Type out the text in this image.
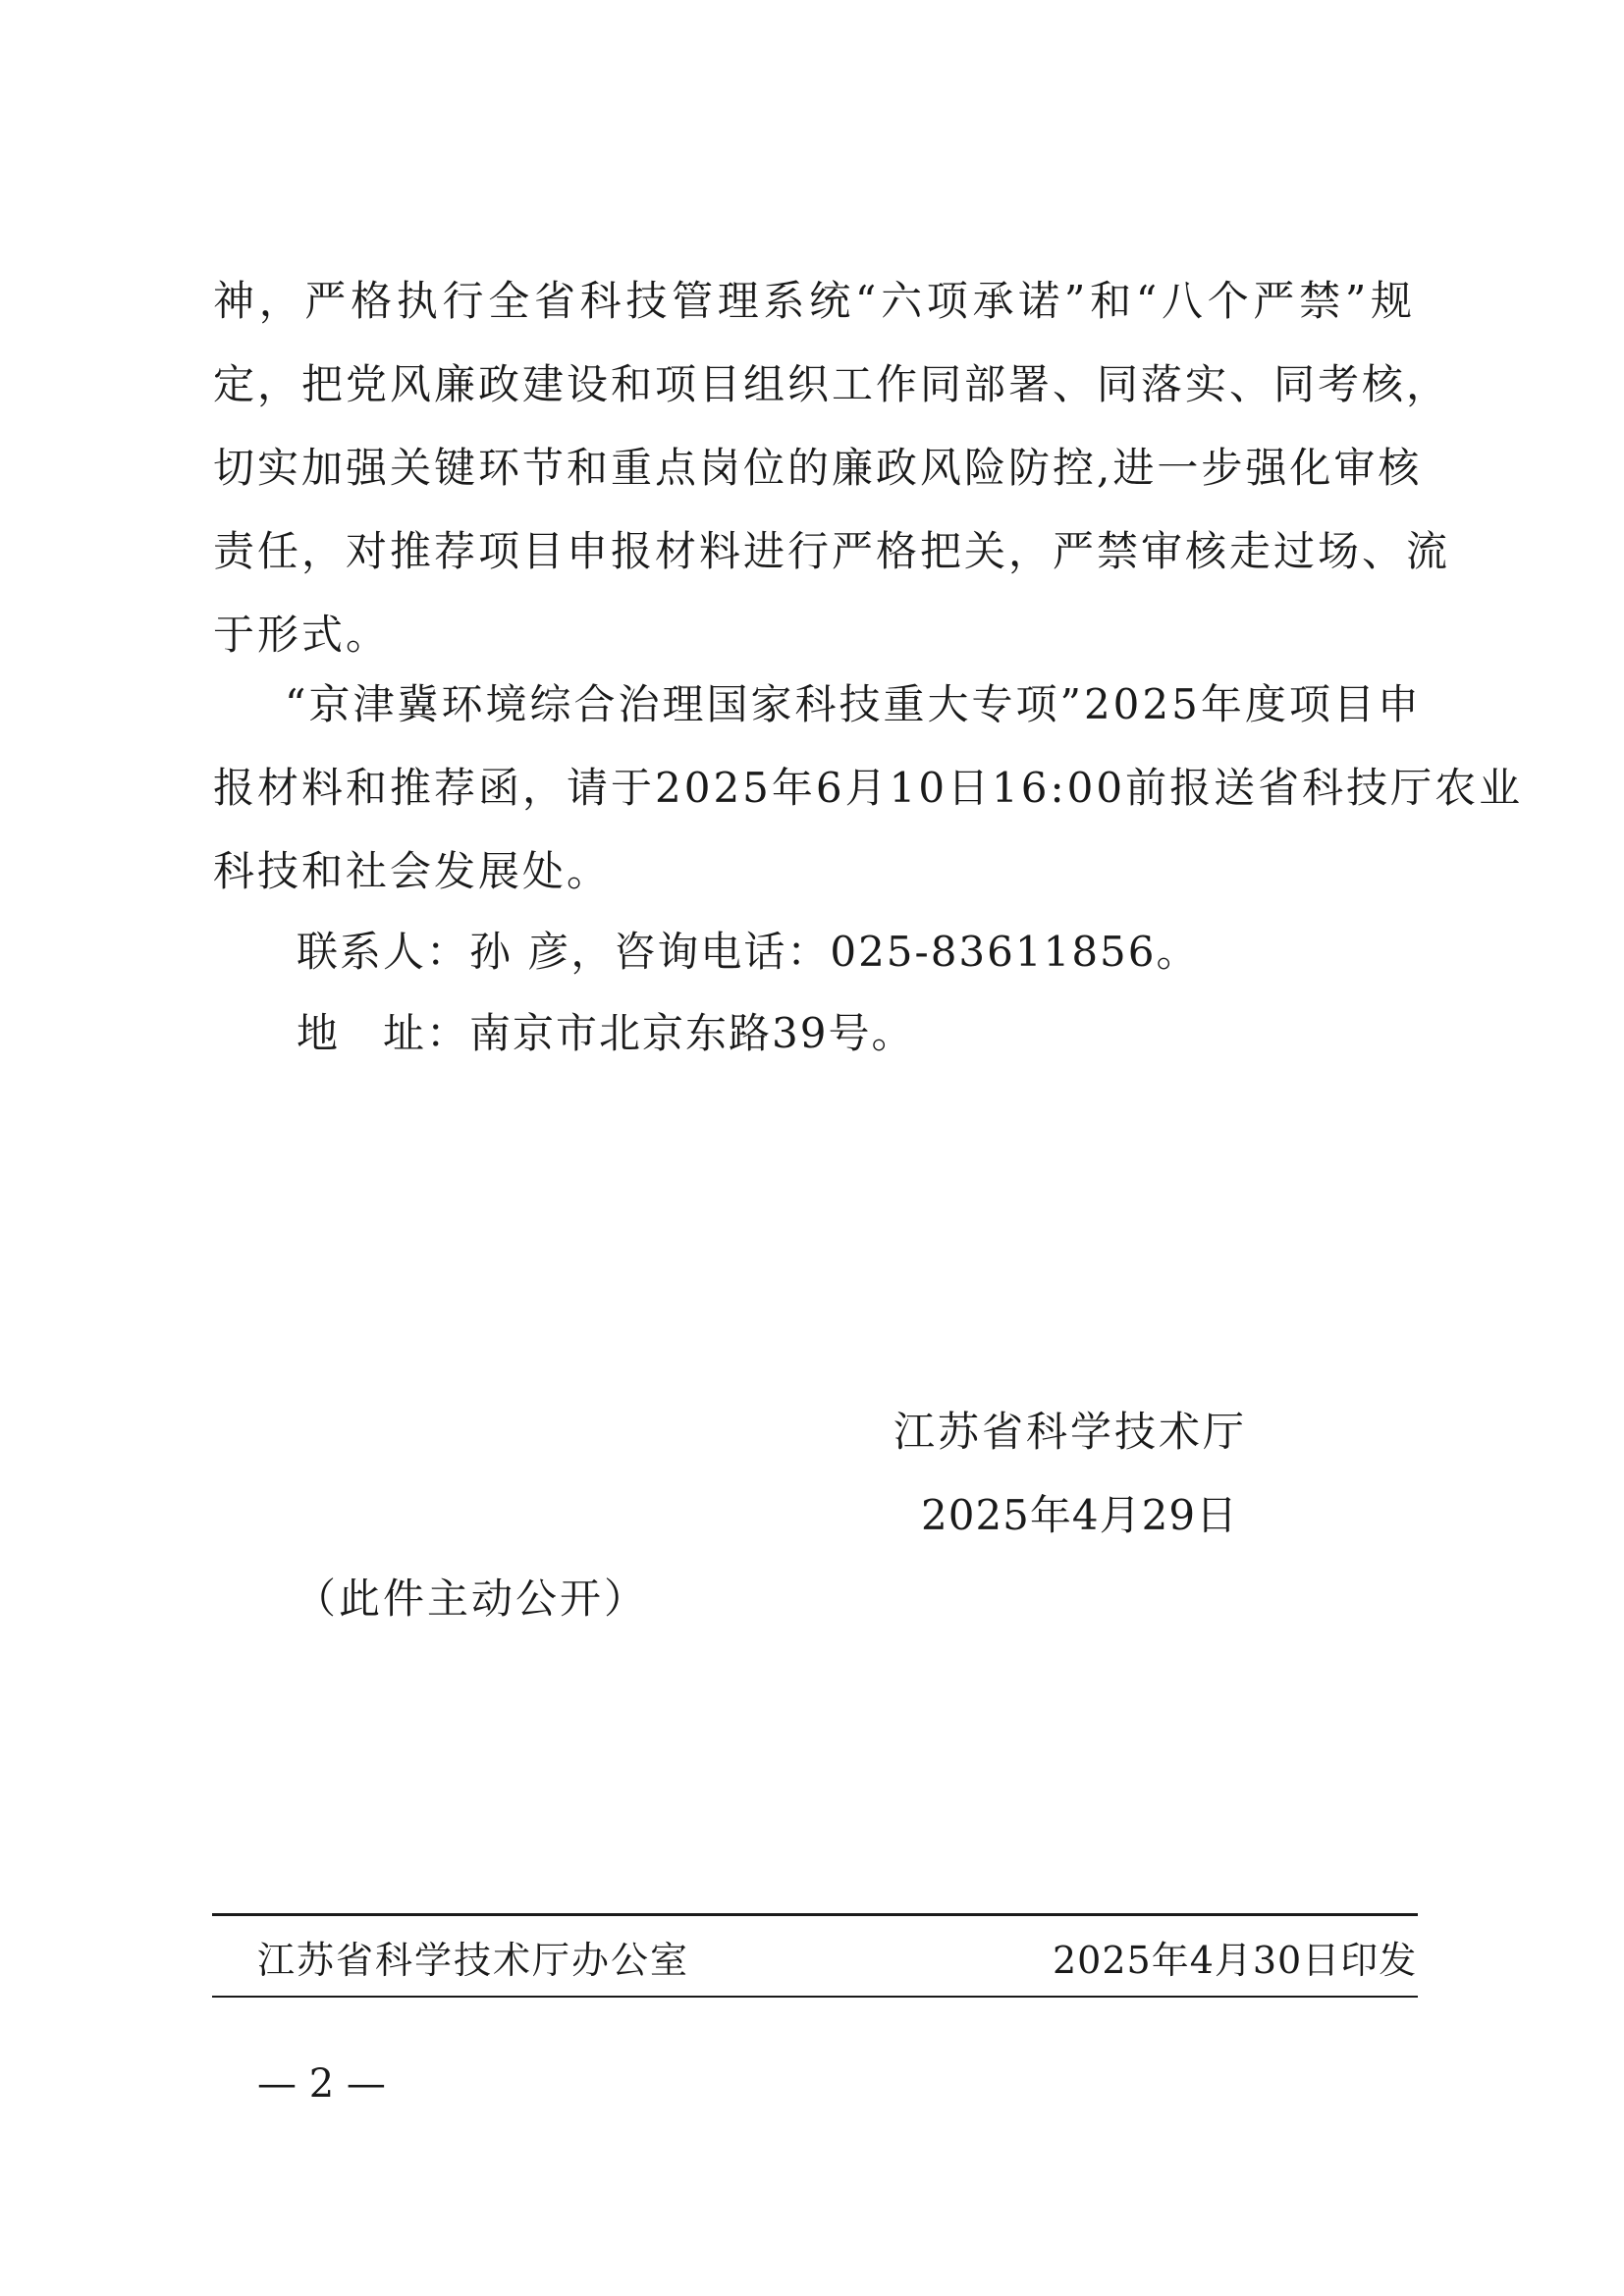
神，严格执行全省科技管理系统“六项承诺”和“八个严禁”规

定，把党风廉政建设和项目组织工作同部署、同落实、同考核，

切实加强关键环节和重点岗位的廉政风险防控,进一步强化审核

责任，对推荐项目申报材料进行严格把关，严禁审核走过场、流

于形式。

“京津冀环境综合治理国家科技重大专项”2025年度项目申

报材料和推荐函，请于2025年6月10日16:00前报送省科技厅农业

科技和社会发展处。

联系人：孙 彦，咨询电话：025-83611856。

地　址：南京市北京东路39号。

江苏省科学技术厅

2025年4月29日

（此件主动公开）

江苏省科学技术厅办公室	2025年4月30日印发
— 2 —
